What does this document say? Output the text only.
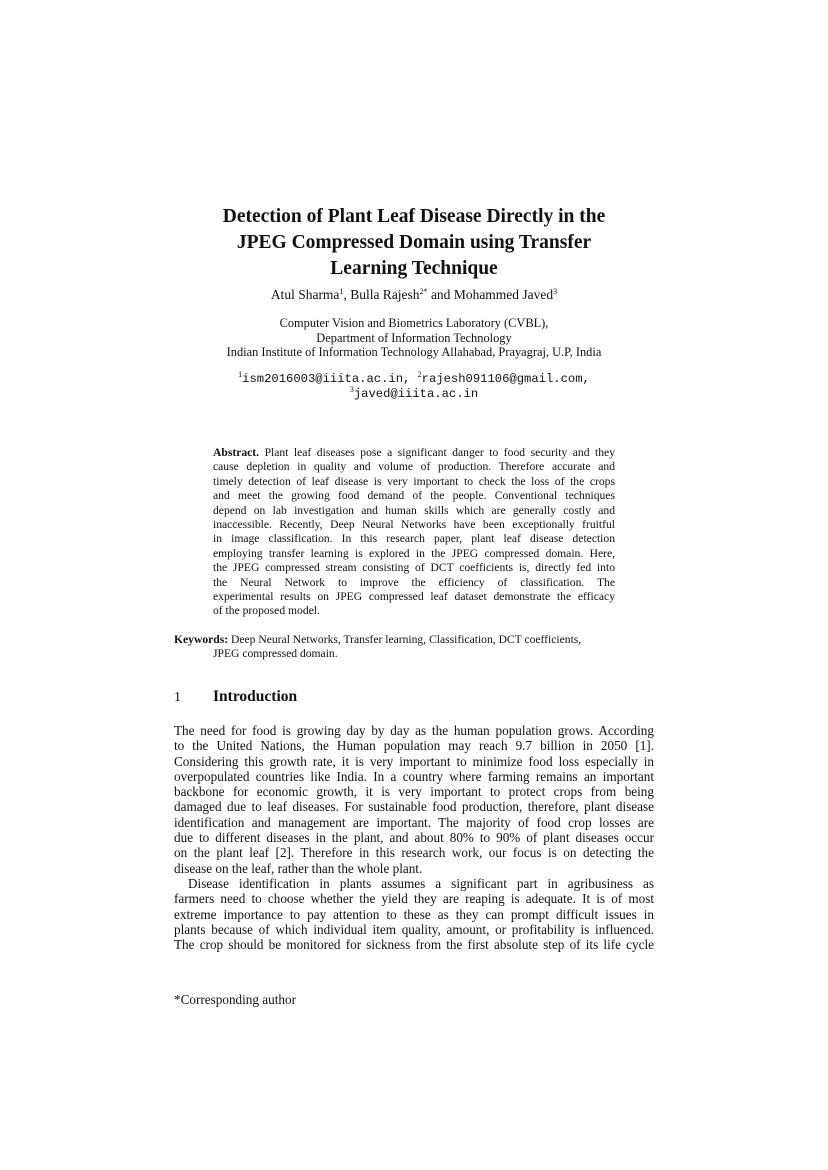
Detection of Plant Leaf Disease Directly in the
JPEG Compressed Domain using Transfer
Learning Technique
Atul Sharma$^1$, Bulla Rajesh$^{2*}$ and Mohammed Javed$^3$
Computer Vision and Biometrics Laboratory (CVBL),
Department of Information Technology
Indian Institute of Information Technology Allahabad, Prayagraj, U.P, India
$^1$ism2016003@iiita.ac.in, $^2$rajesh091106@gmail.com,
$^3$javed@iiita.ac.in
Abstract. Plant leaf diseases pose a significant danger to food security and they
cause depletion in quality and volume of production. Therefore accurate and
timely detection of leaf disease is very important to check the loss of the crops
and meet the growing food demand of the people. Conventional techniques
depend on lab investigation and human skills which are generally costly and
inaccessible. Recently, Deep Neural Networks have been exceptionally fruitful
in image classification. In this research paper, plant leaf disease detection
employing transfer learning is explored in the JPEG compressed domain. Here,
the JPEG compressed stream consisting of DCT coefficients is, directly fed into
the Neural Network to improve the efficiency of classification. The
experimental results on JPEG compressed leaf dataset demonstrate the efficacy
of the proposed model.
Keywords: Deep Neural Networks, Transfer learning, Classification, DCT coefficients,
JPEG compressed domain.
1 Introduction
The need for food is growing day by day as the human population grows. According
to the United Nations, the Human population may reach 9.7 billion in 2050 [1].
Considering this growth rate, it is very important to minimize food loss especially in
overpopulated countries like India. In a country where farming remains an important
backbone for economic growth, it is very important to protect crops from being
damaged due to leaf diseases. For sustainable food production, therefore, plant disease
identification and management are important. The majority of food crop losses are
due to different diseases in the plant, and about 80% to 90% of plant diseases occur
on the plant leaf [2]. Therefore in this research work, our focus is on detecting the
disease on the leaf, rather than the whole plant.
Disease identification in plants assumes a significant part in agribusiness as
farmers need to choose whether the yield they are reaping is adequate. It is of most
extreme importance to pay attention to these as they can prompt difficult issues in
plants because of which individual item quality, amount, or profitability is influenced.
The crop should be monitored for sickness from the first absolute step of its life cycle
*Corresponding author
